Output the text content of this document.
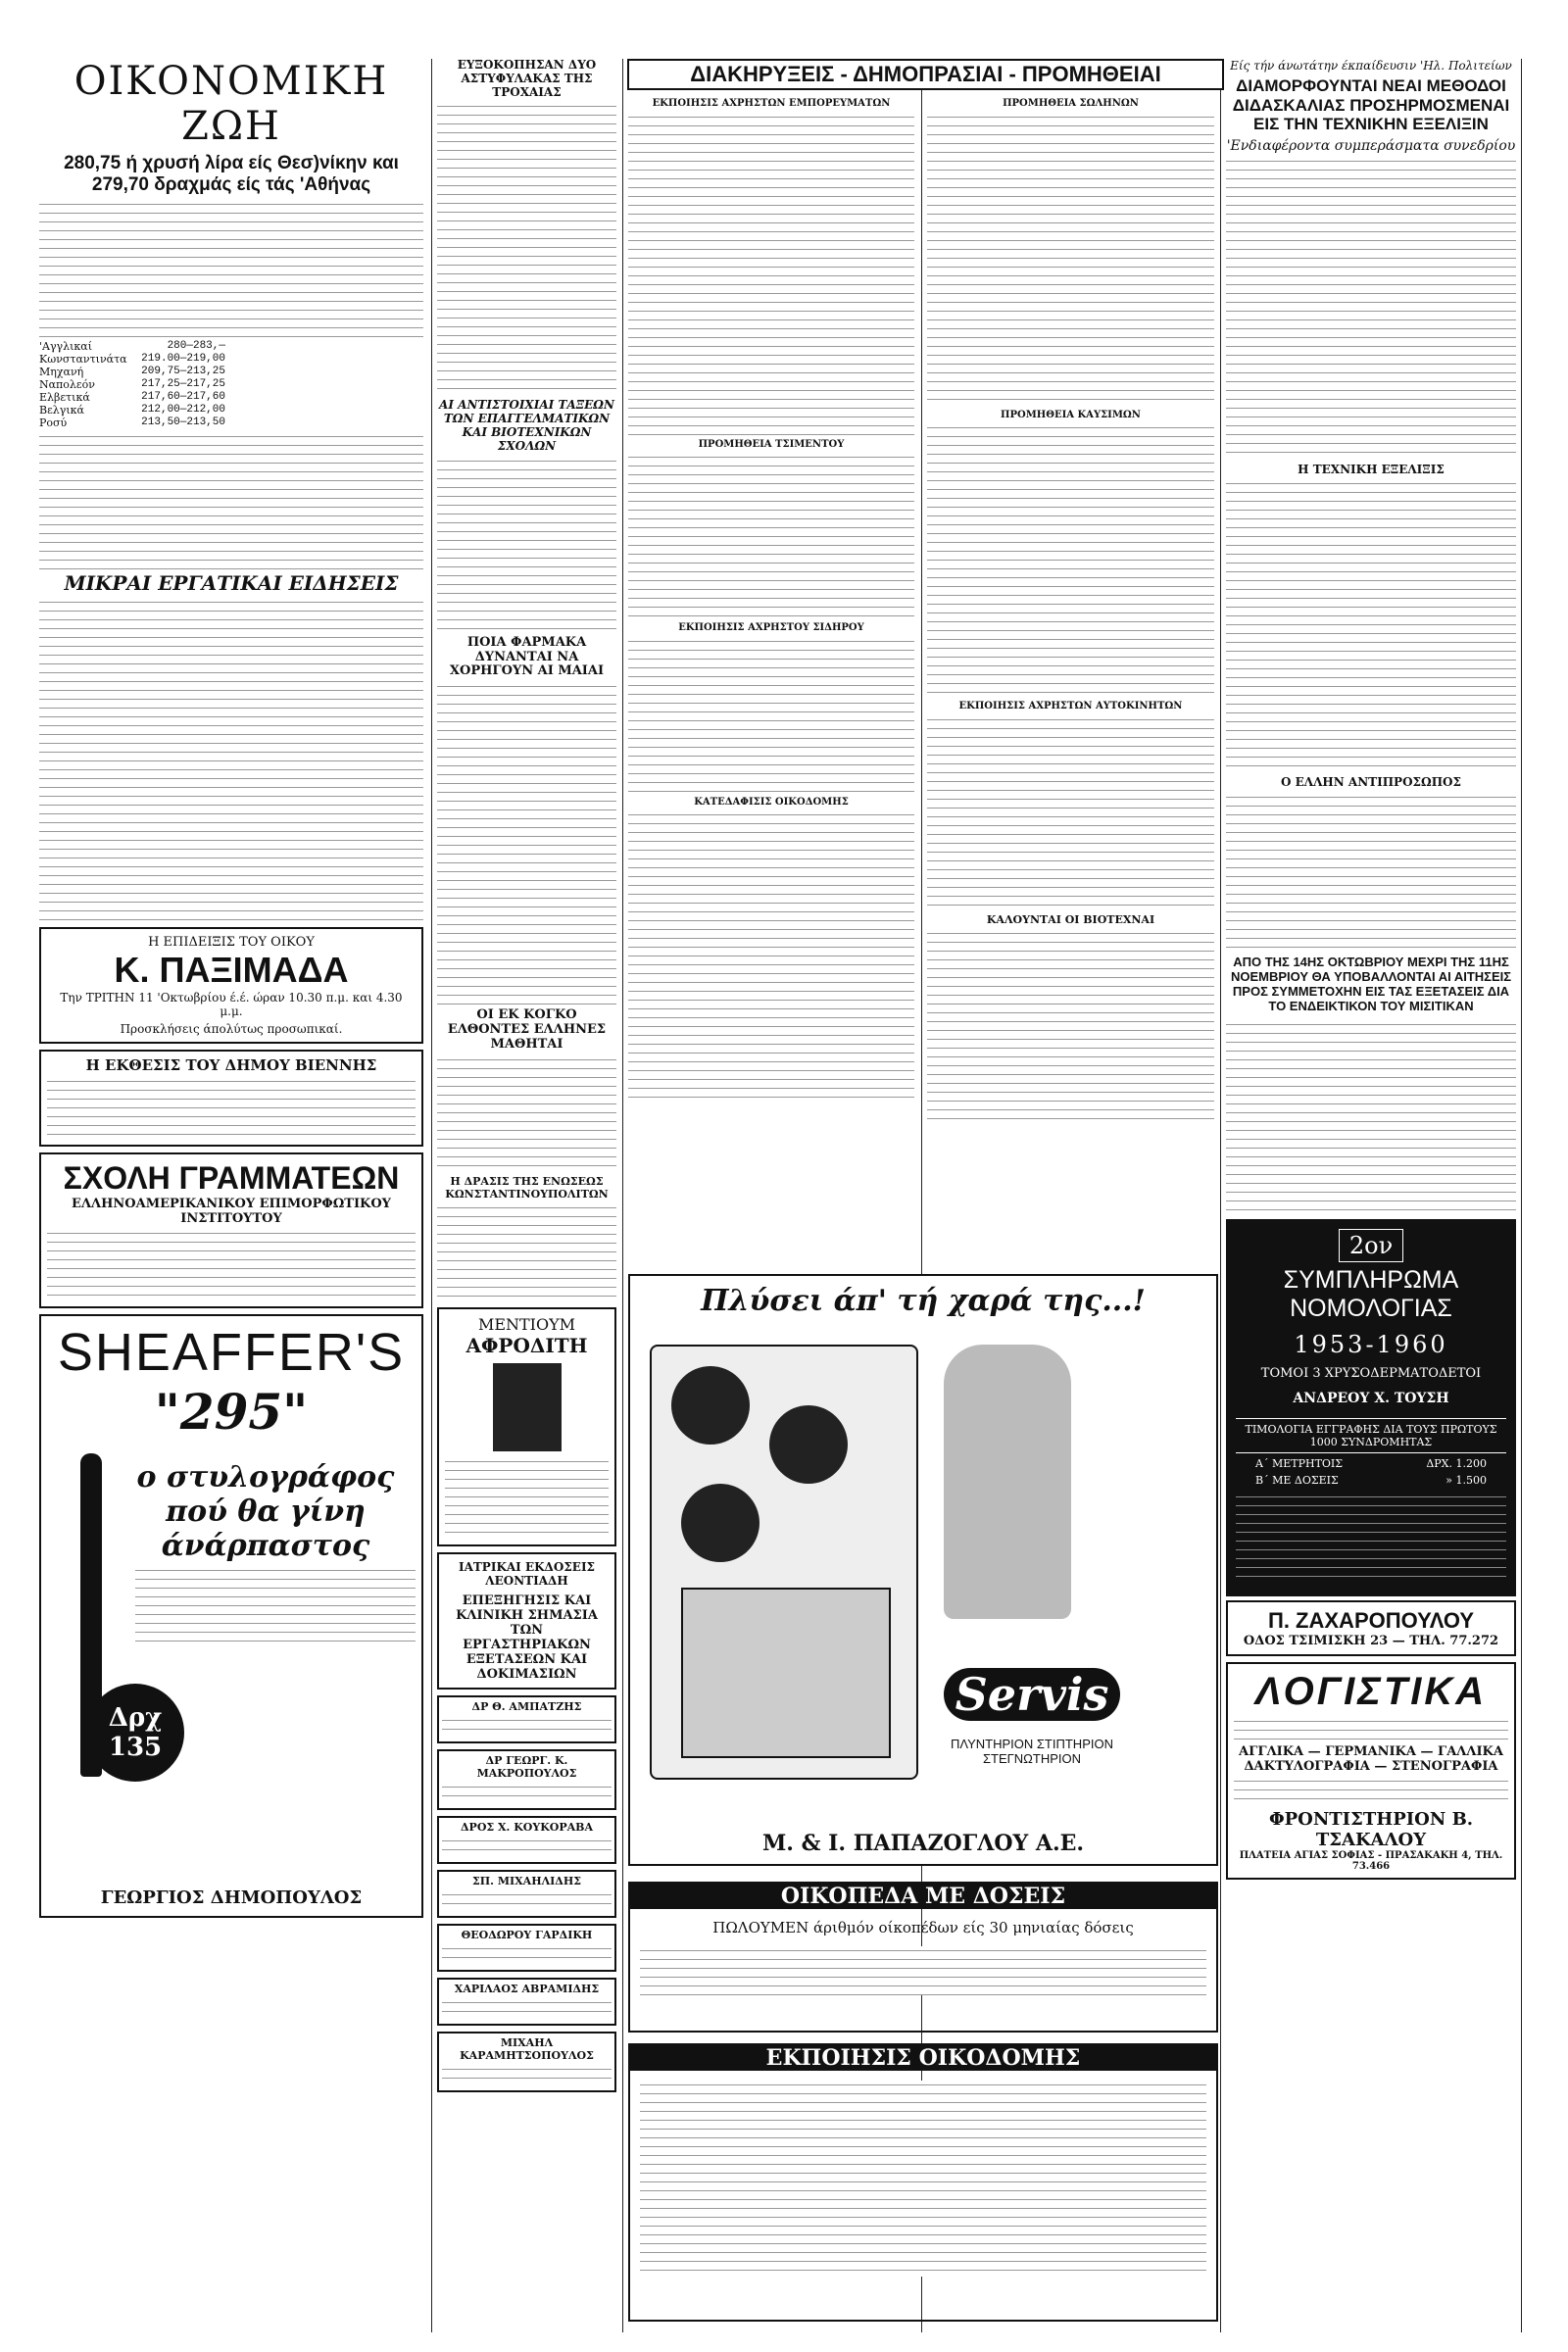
ΟΙΚΟΝΟΜΙΚΗ ΖΩΗ
280,75 ή χρυσή λίρα είς Θεσ)νίκην και 279,70 δραχμάς είς τάς 'Αθήνας
'Αγγλικαί	280—283,—
Κωνσταντινάτα 219.00—219,00
Μηχανή	209,75—213,25
Ναπολεόν	217,25—217,25
Ελβετικά	217,60—217,60
Βελγικά	212,00—212,00
Ροσύ	213,50—213,50
ΜΙΚΡΑΙ ΕΡΓΑΤΙΚΑΙ ΕΙΔΗΣΕΙΣ
Η ΕΠΙΔΕΙΞΙΣ ΤΟΥ ΟΙΚΟΥ
Κ. ΠΑΞΙΜΑΔΑ
Την ΤΡΙΤΗΝ 11 'Οκτωβρίου έ.έ. ώραν 10.30 π.μ. και 4.30 μ.μ.
Προσκλήσεις άπολύτως προσωπικαί.
Η ΕΚΘΕΣΙΣ ΤΟΥ ΔΗΜΟΥ ΒΙΕΝΝΗΣ
ΣΧΟΛΗ ΓΡΑΜΜΑΤΕΩΝ
ΕΛΛΗΝΟΑΜΕΡΙΚΑΝΙΚΟΥ ΕΠΙΜΟΡΦΩΤΙΚΟΥ ΙΝΣΤΙΤΟΥΤΟΥ
SHEAFFER'S
"295"
ο στυλογράφος πού θα γίνη άνάρπαστος
Δρχ 135
ΓΕΩΡΓΙΟΣ ΔΗΜΟΠΟΥΛΟΣ
ΕΥΞΟΚΟΠΗΣΑΝ ΔΥΟ ΑΣΤΥΦΥΛΑΚΑΣ ΤΗΣ ΤΡΟΧΑΙΑΣ
ΑΙ ΑΝΤΙΣΤΟΙΧΙΑΙ ΤΑΞΕΩΝ ΤΩΝ ΕΠΑΓΓΕΛΜΑΤΙΚΩΝ ΚΑΙ ΒΙΟΤΕΧΝΙΚΩΝ ΣΧΟΛΩΝ
ΠΟΙΑ ΦΑΡΜΑΚΑ ΔΥΝΑΝΤΑΙ ΝΑ ΧΟΡΗΓΟΥΝ ΑΙ ΜΑΙΑΙ
ΟΙ ΕΚ ΚΟΓΚΟ ΕΛΘΟΝΤΕΣ ΕΛΛΗΝΕΣ ΜΑΘΗΤΑΙ
Η ΔΡΑΣΙΣ ΤΗΣ ΕΝΩΣΕΩΣ ΚΩΝΣΤΑΝΤΙΝΟΥΠΟΛΙΤΩΝ
ΜΕΝΤΙΟΥΜ
ΑΦΡΟΔΙΤΗ
ΙΑΤΡΙΚΑΙ ΕΚΔΟΣΕΙΣ ΛΕΟΝΤΙΑΔΗ
ΕΠΕΞΗΓΗΣΙΣ ΚΑΙ ΚΛΙΝΙΚΗ ΣΗΜΑΣΙΑ ΤΩΝ ΕΡΓΑΣΤΗΡΙΑΚΩΝ ΕΞΕΤΑΣΕΩΝ ΚΑΙ ΔΟΚΙΜΑΣΙΩΝ
ΔΡ Θ. ΑΜΠΑΤΖΗΣ
ΔΡ ΓΕΩΡΓ. Κ. ΜΑΚΡΟΠΟΥΛΟΣ
ΔΡΟΣ Χ. ΚΟΥΚΟΡΑΒΑ
ΣΠ. ΜΙΧΑΗΛΙΔΗΣ
ΘΕΟΔΩΡΟΥ ΓΑΡΔΙΚΗ
ΧΑΡΙΛΑΟΣ ΑΒΡΑΜΙΔΗΣ
ΜΙΧΑΗΛ ΚΑΡΑΜΗΤΣΟΠΟΥΛΟΣ
ΔΙΑΚΗΡΥΞΕΙΣ - ΔΗΜΟΠΡΑΣΙΑΙ - ΠΡΟΜΗΘΕΙΑΙ
ΕΚΠΟΙΗΣΙΣ ΑΧΡΗΣΤΩΝ ΕΜΠΟΡΕΥΜΑΤΩΝ
ΠΡΟΜΗΘΕΙΑ ΤΣΙΜΕΝΤΟΥ
ΕΚΠΟΙΗΣΙΣ ΑΧΡΗΣΤΟΥ ΣΙΔΗΡΟΥ
ΚΑΤΕΔΑΦΙΣΙΣ ΟΙΚΟΔΟΜΗΣ
ΠΡΟΜΗΘΕΙΑ ΣΩΛΗΝΩΝ
ΠΡΟΜΗΘΕΙΑ ΚΑΥΣΙΜΩΝ
ΕΚΠΟΙΗΣΙΣ ΑΧΡΗΣΤΩΝ ΑΥΤΟΚΙΝΗΤΩΝ
ΚΑΛΟΥΝΤΑΙ ΟΙ ΒΙΟΤΕΧΝΑΙ
Πλύσει άπ' τή χαρά της...!
Servis
ΠΛΥΝΤΗΡΙΟΝ ΣΤΙΠΤΗΡΙΟΝ ΣΤΕΓΝΩΤΗΡΙΟΝ
Μ. & Ι. ΠΑΠΑΖΟΓΛΟΥ Α.Ε.
ΟΙΚΟΠΕΔΑ ΜΕ ΔΟΣΕΙΣ
ΠΩΛΟΥΜΕΝ άριθμόν οίκοπέδων είς 30 μηνιαίας δόσεις
ΕΚΠΟΙΗΣΙΣ ΟΙΚΟΔΟΜΗΣ
Είς τήν άνωτάτην έκπαίδευσιν 'Ηλ. Πολιτείων
ΔΙΑΜΟΡΦΟΥΝΤΑΙ ΝΕΑΙ ΜΕΘΟΔΟΙ ΔΙΔΑΣΚΑΛΙΑΣ ΠΡΟΣΗΡΜΟΣΜΕΝΑΙ ΕΙΣ ΤΗΝ ΤΕΧΝΙΚΗΝ ΕΞΕΛΙΞΙΝ
'Ενδιαφέροντα συμπεράσματα συνεδρίου
Η ΤΕΧΝΙΚΗ ΕΞΕΛΙΞΙΣ
Ο ΕΛΛΗΝ ΑΝΤΙΠΡΟΣΩΠΟΣ
ΑΠΟ ΤΗΣ 14ΗΣ ΟΚΤΩΒΡΙΟΥ ΜΕΧΡΙ ΤΗΣ 11ΗΣ ΝΟΕΜΒΡΙΟΥ ΘΑ ΥΠΟΒΑΛΛΟΝΤΑΙ ΑΙ ΑΙΤΗΣΕΙΣ ΠΡΟΣ ΣΥΜΜΕΤΟΧΗΝ ΕΙΣ ΤΑΣ ΕΞΕΤΑΣΕΙΣ ΔΙΑ ΤΟ ΕΝΔΕΙΚΤΙΚΟΝ ΤΟΥ ΜΙΣΙΤΙΚΑΝ
2ον
ΣΥΜΠΛΗΡΩΜΑ ΝΟΜΟΛΟΓΙΑΣ
1953-1960
ΤΟΜΟΙ 3 ΧΡΥΣΟΔΕΡΜΑΤΟΔΕΤΟΙ
ΑΝΔΡΕΟΥ Χ. ΤΟΥΣΗ
ΤΙΜΟΛΟΓΙΑ ΕΓΓΡΑΦΗΣ ΔΙΑ ΤΟΥΣ ΠΡΩΤΟΥΣ 1000 ΣΥΝΔΡΟΜΗΤΑΣ
Α΄ ΜΕΤΡΗΤΟΙΣ	ΔΡΧ. 1.200
Β΄ ΜΕ ΔΟΣΕΙΣ	» 1.500
Π. ΖΑΧΑΡΟΠΟΥΛΟΥ
ΟΔΟΣ ΤΣΙΜΙΣΚΗ 23 — ΤΗΛ. 77.272
ΛΟΓΙΣΤΙΚΑ
ΑΓΓΛΙΚΑ — ΓΕΡΜΑΝΙΚΑ — ΓΑΛΛΙΚΑ
ΔΑΚΤΥΛΟΓΡΑΦΙΑ — ΣΤΕΝΟΓΡΑΦΙΑ
ΦΡΟΝΤΙΣΤΗΡΙΟΝ Β. ΤΣΑΚΑΛΟΥ
ΠΛΑΤΕΙΑ ΑΓΙΑΣ ΣΟΦΙΑΣ - ΠΡΑΣΑΚΑΚΗ 4, ΤΗΛ. 73.466
